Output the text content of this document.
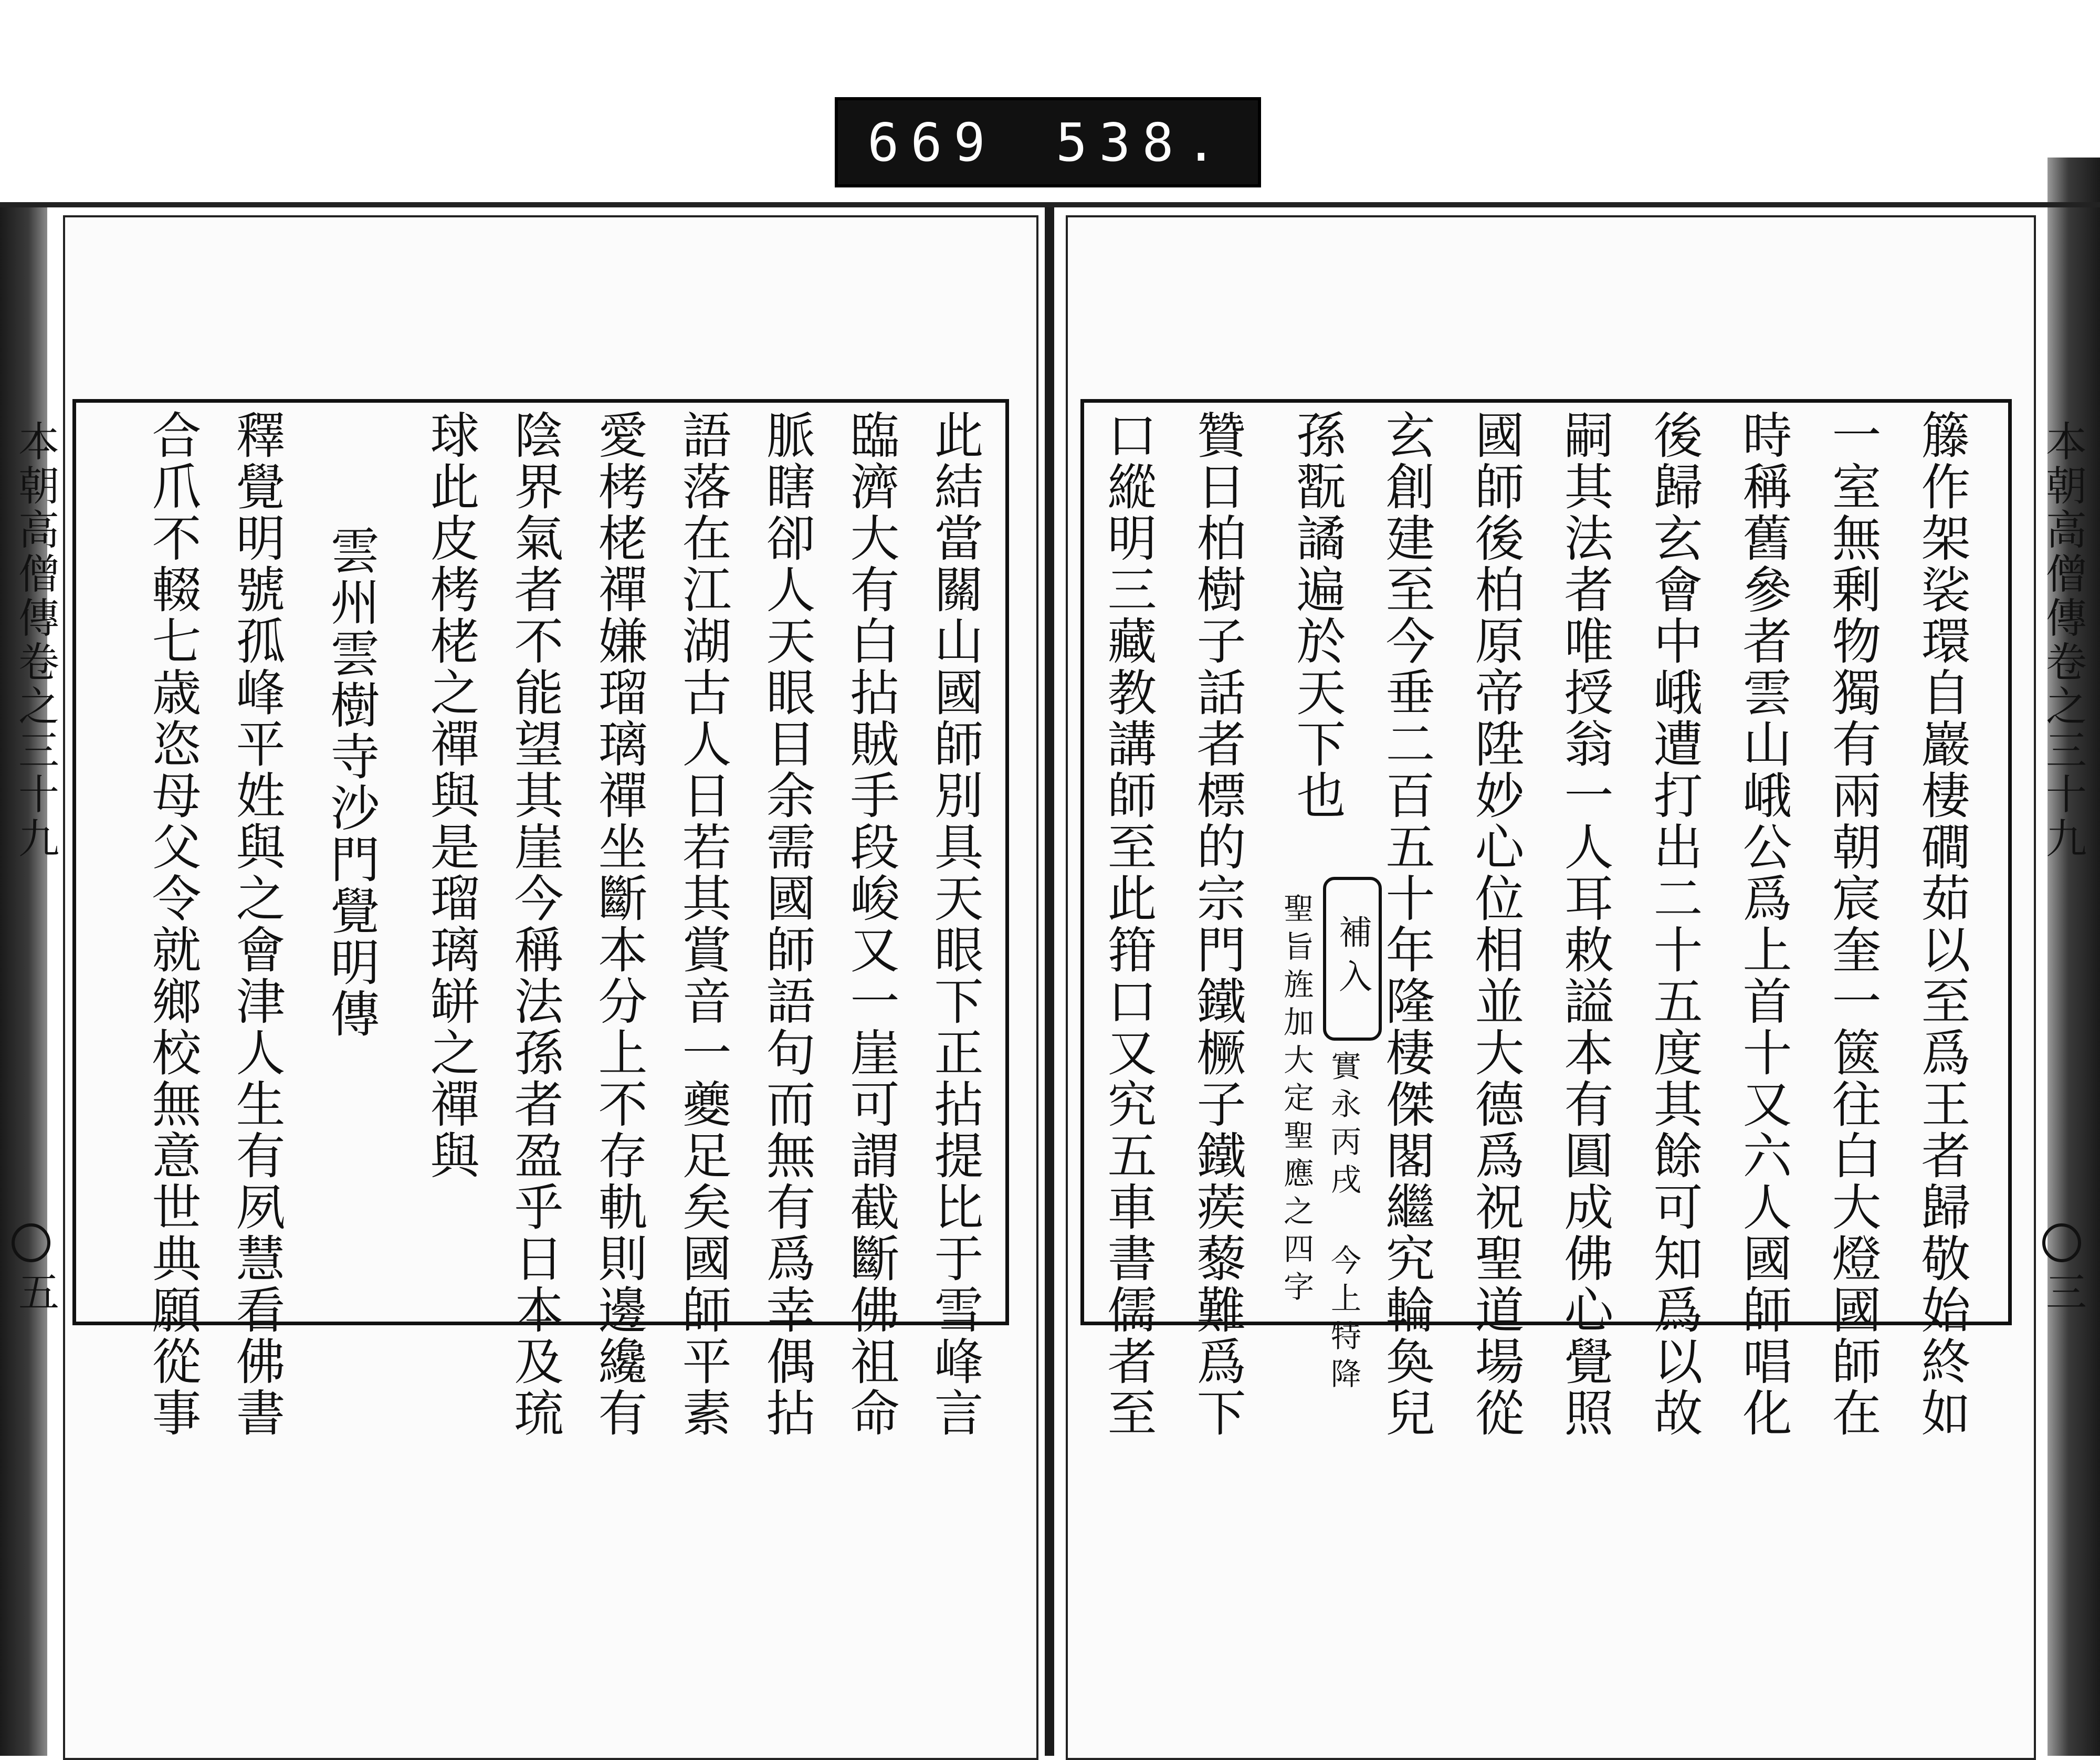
669 538.
籐作架裟環自巖棲磵茹以至爲王者歸敬始終如
一室無剰物獨有兩朝宸奎一篋往白大燈國師在
時稱舊參者雲山峨公爲上首十又六人國師唱化
後歸玄會中峨遭打出二十五度其餘可知爲以故
嗣其法者唯授翁一人耳敕謚本有圓成佛心覺照
國師後柏原帝陞妙心位相並大德爲祝聖道場從
玄創建至今垂二百五十年隆棲傑閣繼究輪奐兒
孫翫譎遍於天下也
補入
實永丙戌 今上特降
聖旨旌加大定聖應之四字
贊日柏樹子話者標的宗門鐵橛子鐵蒺藜難爲下
口縱明三藏教講師至此箝口又究五車書儒者至
此結當關山國師別具天眼下正拈提比于雪峰言
臨濟大有白拈賊手段峻又一崖可謂截斷佛祖命
脈瞎卻人天眼目余需國師語句而無有爲幸偶拈
語落在江湖古人日若其賞音一夔足矣國師平素
愛栲栳禪嫌瑠璃禪坐斷本分上不存軌則邊纔有
陰界氣者不能望其崖今稱法孫者盈乎日本及琉
球此皮栲栳之禪與是瑠璃缾之禪與
雲州雲樹寺沙門覺明傳
釋覺明號孤峰平姓與之會津人生有夙慧看佛書
合爪不輟七歳恣母父令就鄉校無意世典願從事
本朝高僧傳卷之三十九
五
本朝高僧傳卷之三十九
三
